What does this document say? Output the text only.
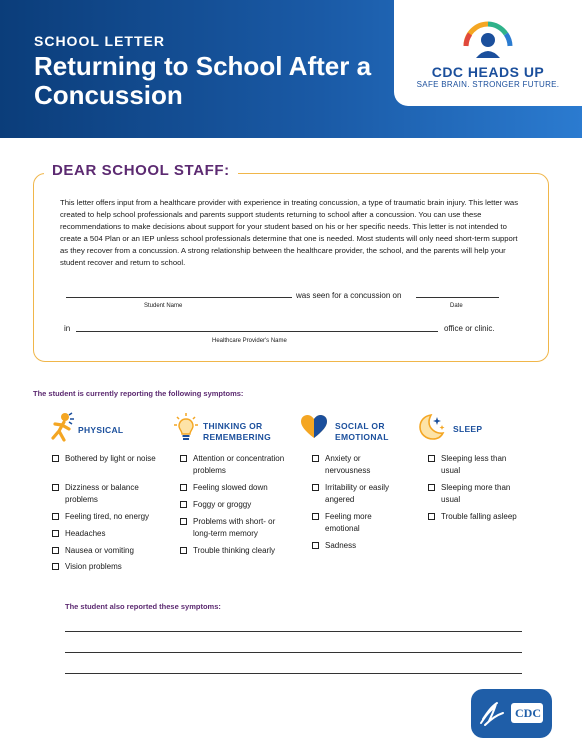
SCHOOL LETTER
Returning to School After a Concussion
CDC HEADS UP
SAFE BRAIN. STRONGER FUTURE.
DEAR SCHOOL STAFF:
This letter offers input from a healthcare provider with experience in treating concussion, a type of traumatic brain injury. This letter was created to help school professionals and parents support students returning to school after a concussion. You can use these recommendations to make decisions about support for your student based on his or her specific needs. This letter is not intended to create a 504 Plan or an IEP unless school professionals determine that one is needed. Most students will only need short-term support as they recover from a concussion. A strong relationship between the healthcare provider, the school, and the parents will help your student recover and return to school.
was seen for a concussion on
Student Name	Date
in	office or clinic.
Healthcare Provider's Name
The student is currently reporting the following symptoms:
PHYSICAL
Bothered by light or noise
Dizziness or balance problems
Feeling tired, no energy
Headaches
Nausea or vomiting
Vision problems
THINKING OR REMEMBERING
Attention or concentration problems
Feeling slowed down
Foggy or groggy
Problems with short- or long-term memory
Trouble thinking clearly
SOCIAL OR EMOTIONAL
Anxiety or nervousness
Irritability or easily angered
Feeling more emotional
Sadness
SLEEP
Sleeping less than usual
Sleeping more than usual
Trouble falling asleep
The student also reported these symptoms:
CDC
